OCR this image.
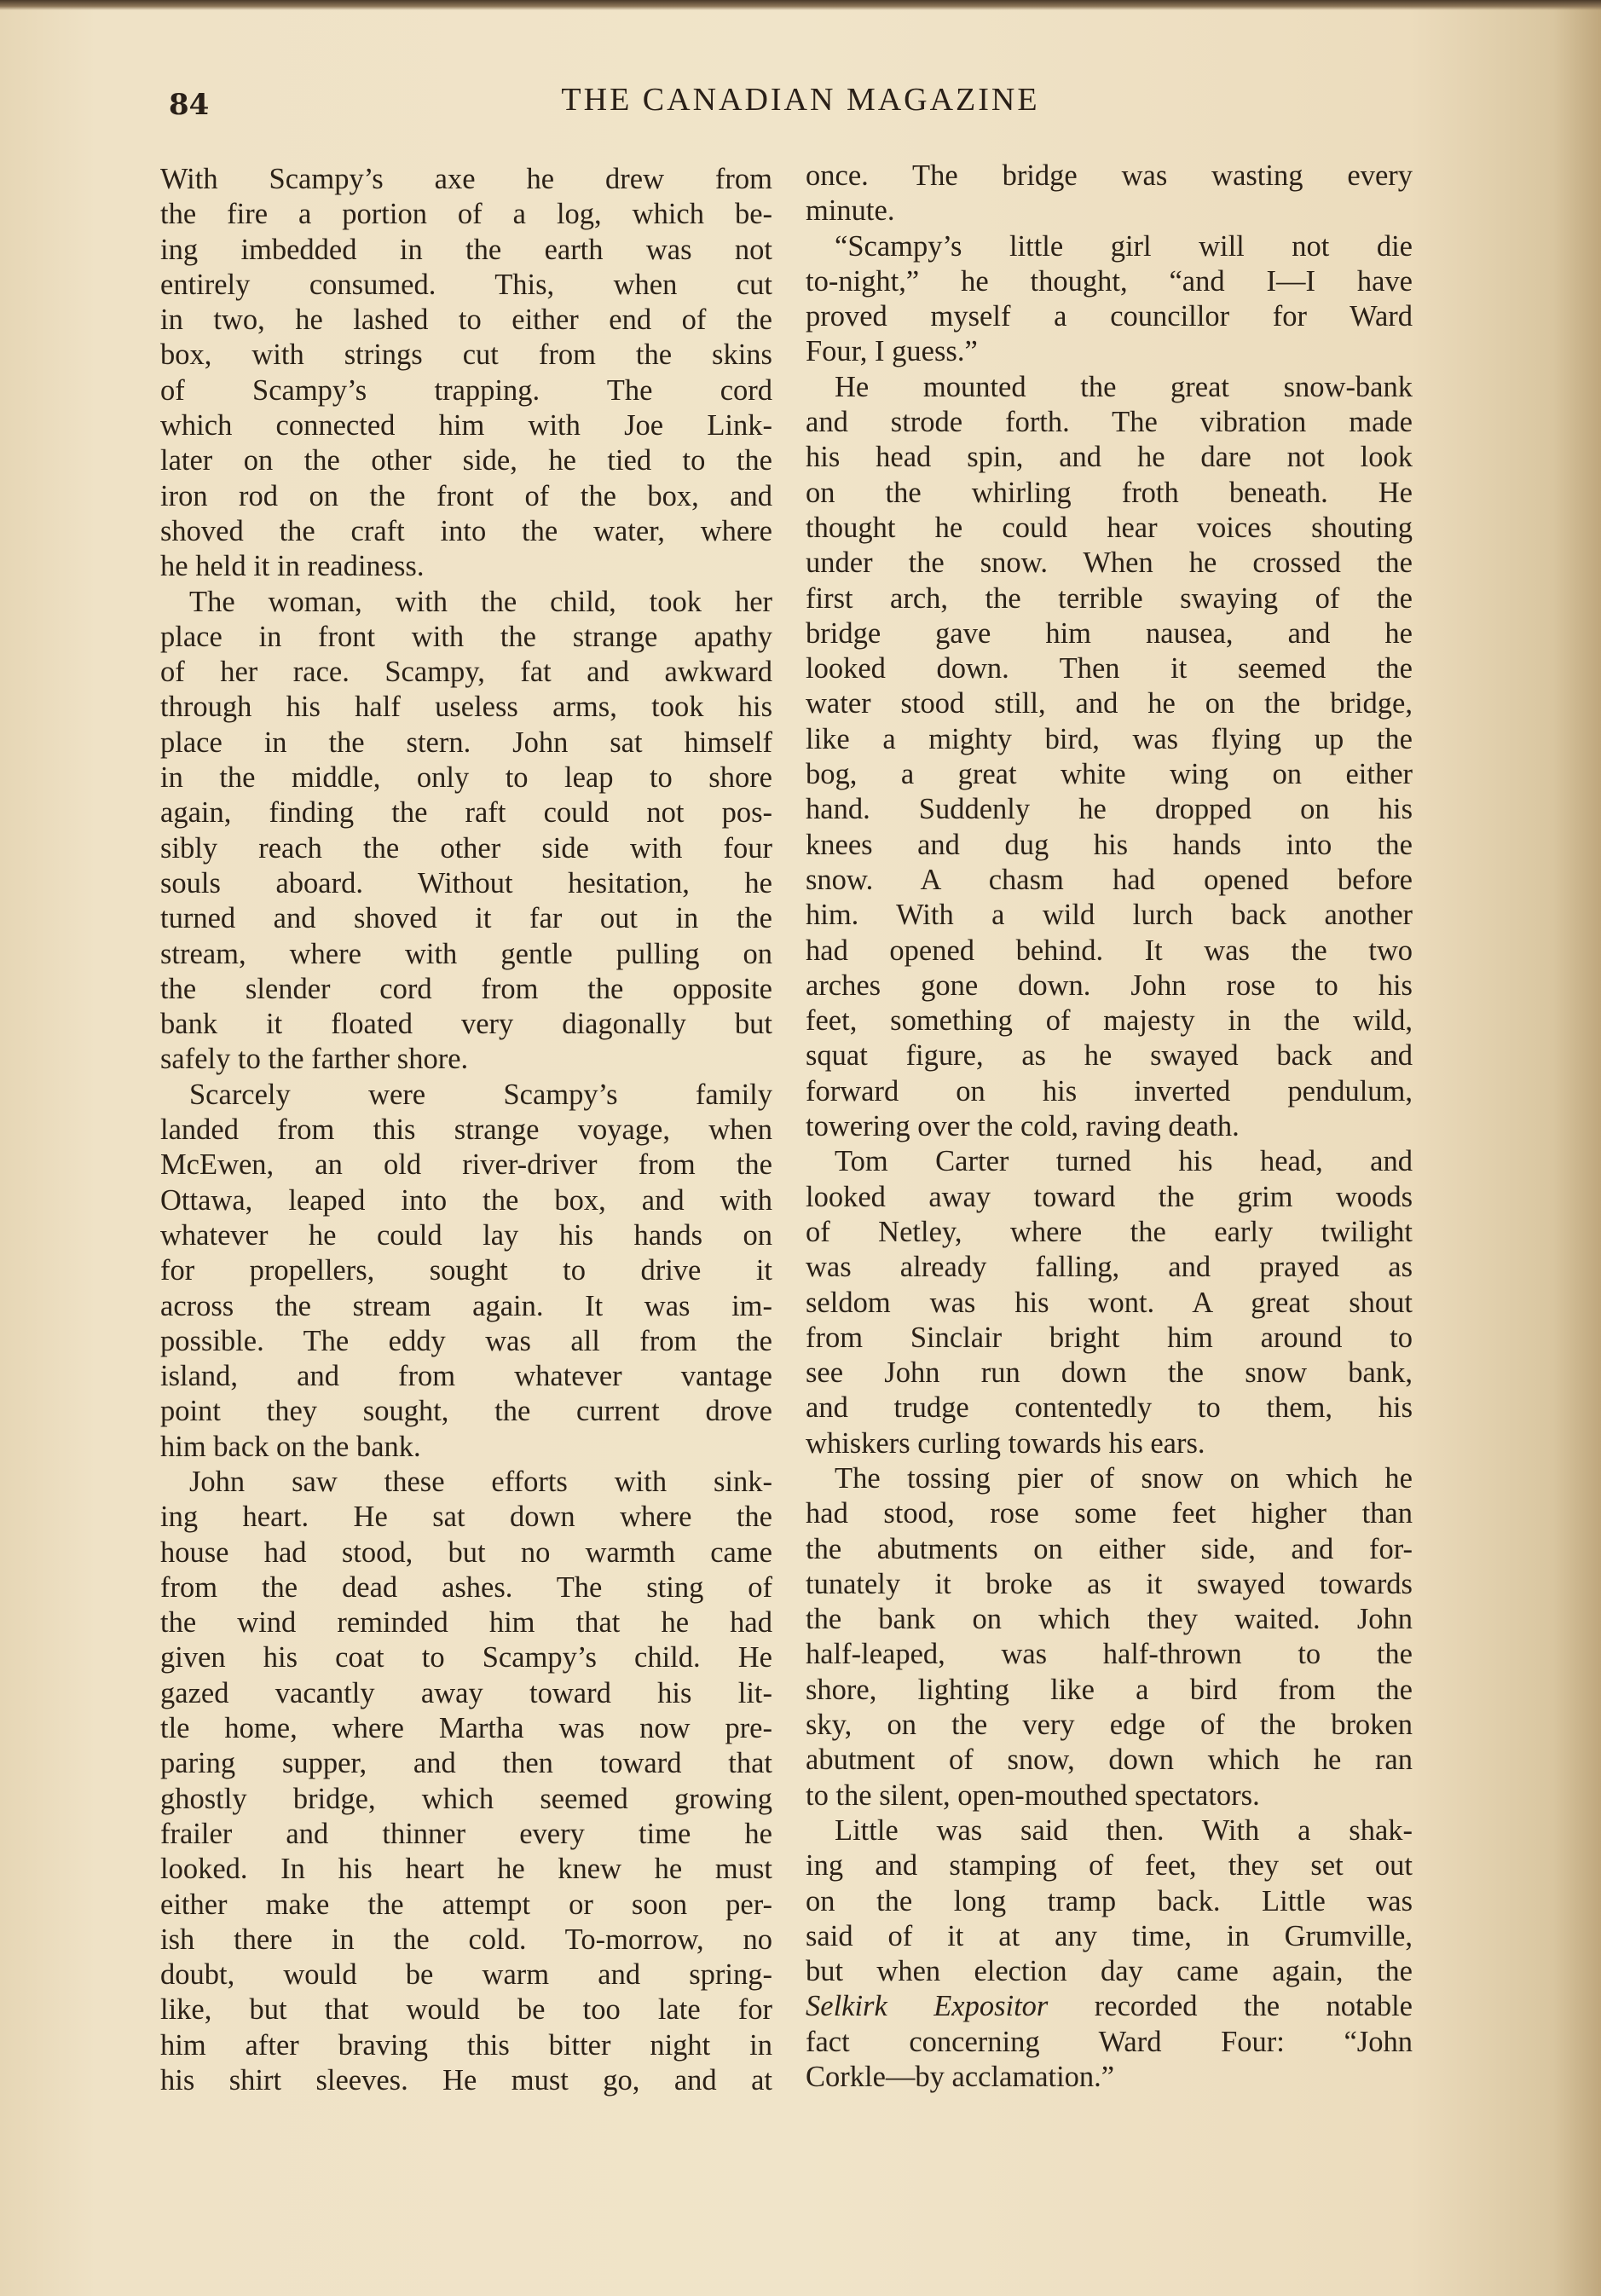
84	THE CANADIAN MAGAZINE
With Scampy’s axe he drew from
the fire a portion of a log, which be-
ing imbedded in the earth was not
entirely consumed. This, when cut
in two, he lashed to either end of the
box, with strings cut from the skins
of Scampy’s trapping. The cord
which connected him with Joe Link-
later on the other side, he tied to the
iron rod on the front of the box, and
shoved the craft into the water, where
he held it in readiness.
The woman, with the child, took her
place in front with the strange apathy
of her race. Scampy, fat and awkward
through his half useless arms, took his
place in the stern. John sat himself
in the middle, only to leap to shore
again, finding the raft could not pos-
sibly reach the other side with four
souls aboard. Without hesitation, he
turned and shoved it far out in the
stream, where with gentle pulling on
the slender cord from the opposite
bank it floated very diagonally but
safely to the farther shore.
Scarcely were Scampy’s family
landed from this strange voyage, when
McEwen, an old river-driver from the
Ottawa, leaped into the box, and with
whatever he could lay his hands on
for propellers, sought to drive it
across the stream again. It was im-
possible. The eddy was all from the
island, and from whatever vantage
point they sought, the current drove
him back on the bank.
John saw these efforts with sink-
ing heart. He sat down where the
house had stood, but no warmth came
from the dead ashes. The sting of
the wind reminded him that he had
given his coat to Scampy’s child. He
gazed vacantly away toward his lit-
tle home, where Martha was now pre-
paring supper, and then toward that
ghostly bridge, which seemed growing
frailer and thinner every time he
looked. In his heart he knew he must
either make the attempt or soon per-
ish there in the cold. To-morrow, no
doubt, would be warm and spring-
like, but that would be too late for
him after braving this bitter night in
his shirt sleeves. He must go, and at
once. The bridge was wasting every
minute.
“Scampy’s little girl will not die
to-night,” he thought, “and I—I have
proved myself a councillor for Ward
Four, I guess.”
He mounted the great snow-bank
and strode forth. The vibration made
his head spin, and he dare not look
on the whirling froth beneath. He
thought he could hear voices shouting
under the snow. When he crossed the
first arch, the terrible swaying of the
bridge gave him nausea, and he
looked down. Then it seemed the
water stood still, and he on the bridge,
like a mighty bird, was flying up the
bog, a great white wing on either
hand. Suddenly he dropped on his
knees and dug his hands into the
snow. A chasm had opened before
him. With a wild lurch back another
had opened behind. It was the two
arches gone down. John rose to his
feet, something of majesty in the wild,
squat figure, as he swayed back and
forward on his inverted pendulum,
towering over the cold, raving death.
Tom Carter turned his head, and
looked away toward the grim woods
of Netley, where the early twilight
was already falling, and prayed as
seldom was his wont. A great shout
from Sinclair bright him around to
see John run down the snow bank,
and trudge contentedly to them, his
whiskers curling towards his ears.
The tossing pier of snow on which he
had stood, rose some feet higher than
the abutments on either side, and for-
tunately it broke as it swayed towards
the bank on which they waited. John
half-leaped, was half-thrown to the
shore, lighting like a bird from the
sky, on the very edge of the broken
abutment of snow, down which he ran
to the silent, open-mouthed spectators.
Little was said then. With a shak-
ing and stamping of feet, they set out
on the long tramp back. Little was
said of it at any time, in Grumville,
but when election day came again, the
Selkirk Expositor recorded the notable
fact concerning Ward Four: “John
Corkle—by acclamation.”
